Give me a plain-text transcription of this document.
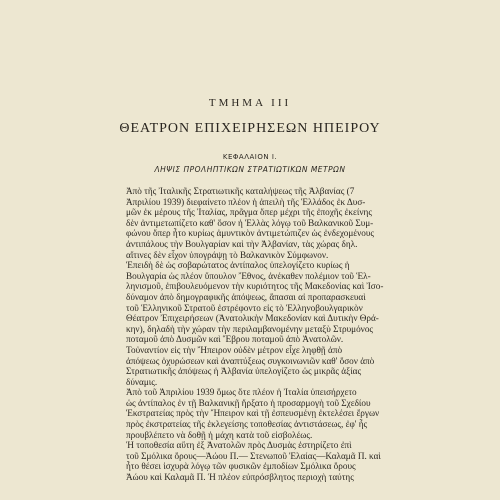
ΤΜΗΜΑ III
ΘΕΑΤΡΟΝ ΕΠΙΧΕΙΡΗΣΕΩΝ ΗΠΕΙΡΟΥ
ΚΕΦΑΛΑΙΟΝ Ι.
ΛΗΨΙΣ ΠΡΟΛΗΠΤΙΚΩΝ ΣΤΡΑΤΙΩΤΙΚΩΝ ΜΕΤΡΩΝ
Ἀπὸ τῆς Ἰταλικῆς Στρατιωτικῆς καταλήψεως τῆς Ἀλβανίας (7
Ἀπριλίου 1939) διεφαίνετο πλέον ἡ ἀπειλὴ τῆς Ἑλλάδος ἐκ Δυσ-
μῶν ἐκ μέρους τῆς Ἰταλίας, πρᾶγμα ὅπερ μέχρι τῆς ἐποχῆς ἐκείνης
δὲν ἀντιμετωπίζετο καθ' ὅσον ἡ Ἑλλὰς λόγῳ τοῦ Βαλκανικοῦ Συμ-
φώνου ὅπερ ἦτο κυρίως ἀμυντικὸν ἀντιμετώπιζεν ὡς ἐνδεχομένους
ἀντιπάλους τὴν Βουλγαρίαν καὶ τὴν Ἀλβανίαν, τὰς χώρας δηλ.
αἵτινες δὲν εἶχον ὑπογράψῃ τὸ Βαλκανικὸν Σύμφωνον.
Ἐπειδὴ δὲ ὡς σοβαρώτατος ἀντίπαλος ὑπελογίζετο κυρίως ἡ
Βουλγαρία ὡς πλέον ὕπουλον Ἔθνος, ἀνέκαθεν πολέμιον τοῦ Ἑλ-
ληνισμοῦ, ἐπιβουλευόμενον τὴν κυριότητος τῆς Μακεδονίας καὶ Ἰσο-
δύναμον ἀπὸ δημογραφικῆς ἀπόψεως, ἅπασαι αἱ προπαρασκευαὶ
τοῦ Ἑλληνικοῦ Στρατοῦ ἐστρέφοντο εἰς τὸ Ἑλληνοβουλγαρικὸν
Θέατρον Ἐπιχειρήσεων (Ἀνατολικὴν Μακεδονίαν καὶ Δυτικὴν Θρά-
κην), δηλαδὴ τὴν χώραν τὴν περιλαμβανομένην μεταξὺ Στρυμόνος
ποταμοῦ ἀπὸ Δυσμῶν καὶ Ἕβρου ποταμοῦ ἀπὸ Ἀνατολῶν.
Τοὐναντίον εἰς τὴν Ἤπειρον οὐδὲν μέτρον εἶχε ληφθῇ ἀπὸ
ἀπόψεως ὀχυρώσεων καὶ ἀναπτύξεως συγκοινωνιῶν καθ' ὅσον ἀπὸ
Στρατιωτικῆς ἀπόψεως ἡ Ἀλβανία ὑπελογίζετο ὡς μικρᾶς ἀξίας
δύναμις.
Ἀπὸ τοῦ Ἀπριλίου 1939 ὅμως ὅτε πλέον ἡ Ἰταλία ὑπεισήρχετο
ὡς ἀντίπαλος ἐν τῇ Βαλκανικῇ ἤρξατο ἡ προσαρμογὴ τοῦ Σχεδίου
Ἐκστρατείας πρὸς τὴν Ἤπειρον καὶ τῇ ἐσπευσμένῃ ἐκτελέσει ἔργων
πρὸς ἐκστρατείας τῆς ἐκλεγείσης τοποθεσίας ἀντιστάσεως, ἐφ' ἧς
προυβλέπετο νὰ δοθῇ ἡ μάχη κατὰ τοῦ εἰσβολέως.
Ἡ τοποθεσία αὕτη ἐξ Ἀνατολῶν πρὸς Δυσμὰς ἐστηρίζετο ἐπὶ
τοῦ Σμόλικα ὄρους—Ἀώου Π.— Στενωποῦ Ἐλαίας—Καλαμᾶ Π. καὶ
ἦτο θέσει ἰσχυρὰ λόγῳ τῶν φυσικῶν ἐμποδίων Σμόλικα ὄρους
Ἀώου καὶ Καλαμᾶ Π. Ἡ πλέον εὐπρόσβλητος περιοχὴ ταύτης
